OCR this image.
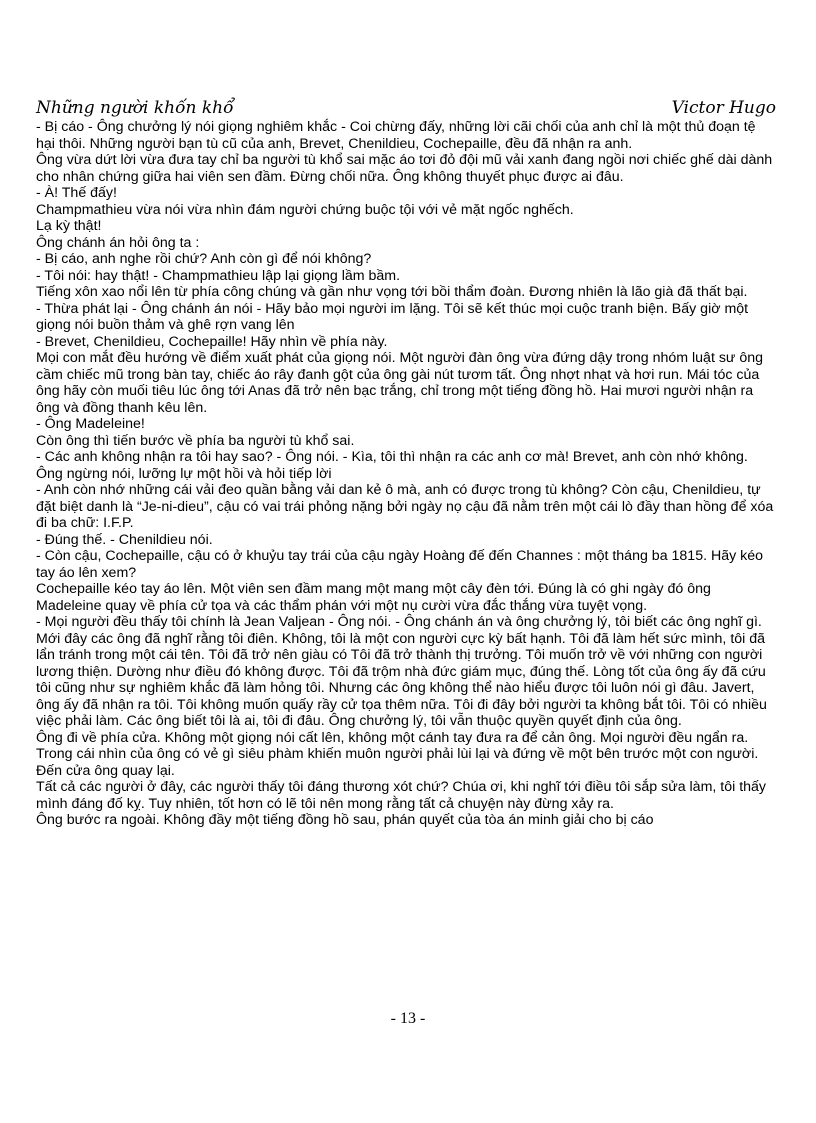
Những người khốn khổ	Victor Hugo

- Bị cáo - Ông chưởng lý nói giọng nghiêm khắc - Coi chừng đấy, những lời cãi chối của anh chỉ là một thủ đoạn tệ hại thôi. Những người bạn tù cũ của anh, Brevet, Chenildieu, Cochepaille, đều đã nhận ra anh.

Ông vừa dứt lời vừa đưa tay chỉ ba người tù khổ sai mặc áo tơi đỏ đội mũ vải xanh đang ngồi nơi chiếc ghế dài dành cho nhân chứng giữa hai viên sen đầm. Đừng chối nữa. Ông không thuyết phục được ai đâu.

- À! Thế đấy!

Champmathieu vừa nói vừa nhìn đám người chứng buộc tội với vẻ mặt ngốc nghếch.

Lạ kỳ thật!

Ông chánh án hỏi ông ta :

- Bị cáo, anh nghe rồi chứ? Anh còn gì để nói không?

- Tôi nói: hay thật! - Champmathieu lập lại giọng lầm bầm.

Tiếng xôn xao nổi lên từ phía công chúng và gần như vọng tới bồi thẩm đoàn. Đương nhiên là lão già đã thất bại.

- Thừa phát lại - Ông chánh án nói - Hãy bảo mọi người im lặng. Tôi sẽ kết thúc mọi cuộc tranh biện. Bấy giờ một giọng nói buồn thảm và ghê rợn vang lên

- Brevet, Chenildieu, Cochepaille! Hãy nhìn về phía này.

Mọi con mắt đều hướng về điểm xuất phát của giọng nói. Một người đàn ông vừa đứng dậy trong nhóm luật sư ông cầm chiếc mũ trong bàn tay, chiếc áo rây đanh gột của ông gài nút tươm tất. Ông nhợt nhạt và hơi run. Mái tóc của ông hãy còn muối tiêu lúc ông tới Anas đã trở nên bạc trắng, chỉ trong một tiếng đồng hồ. Hai mươi người nhận ra ông và đồng thanh kêu lên.

- Ông Madeleine!

Còn ông thì tiến bước về phía ba người tù khổ sai.

- Các anh không nhận ra tôi hay sao? - Ông nói. - Kìa, tôi thì nhận ra các anh cơ mà! Brevet, anh còn nhớ không.

Ông ngừng nói, lưỡng lự một hồi và hỏi tiếp lời

- Anh còn nhớ những cái vải đeo quần bằng vải dan kẻ ô mà, anh có được trong tù không? Còn cậu, Chenildieu, tự đặt biệt danh là “Je-ni-dieu”, cậu có vai trái phỏng nặng bởi ngày nọ cậu đã nằm trên một cái lò đầy than hồng để xóa đi ba chữ: I.F.P.

- Đúng thế. - Chenildieu nói.

- Còn cậu, Cochepaille, cậu có ở khuỷu tay trái của cậu ngày Hoàng đế đến Channes : một tháng ba 1815. Hãy kéo tay áo lên xem?

Cochepaille kéo tay áo lên. Một viên sen đầm mang một mang một cây đèn tới. Đúng là có ghi ngày đó ông Madeleine quay về phía cử tọa và các thẩm phán với một nụ cười vừa đắc thắng vừa tuyệt vọng.

- Mọi người đều thấy tôi chính là Jean Valjean - Ông nói. - Ông chánh án và ông chưởng lý, tôi biết các ông nghĩ gì. Mới đây các ông đã nghĩ rằng tôi điên. Không, tôi là một con người cực kỳ bất hạnh. Tôi đã làm hết sức mình, tôi đã lẩn tránh trong một cái tên. Tôi đã trở nên giàu có Tôi đã trở thành thị trưởng. Tôi muốn trở về với những con người lương thiện. Dường như điều đó không được. Tôi đã trộm nhà đức giám mục, đúng thế. Lòng tốt của ông ấy đã cứu tôi cũng như sự nghiêm khắc đã làm hỏng tôi. Nhưng các ông không thể nào hiểu được tôi luôn nói gì đâu. Javert, ông ấy đã nhận ra tôi. Tôi không muốn quấy rầy cử tọa thêm nữa. Tôi đi đây bởi người ta không bắt tôi. Tôi có nhiều việc phải làm. Các ông biết tôi là ai, tôi đi đâu. Ông chưởng lý, tôi vẫn thuộc quyền quyết định của ông.

Ông đi về phía cửa. Không một giọng nói cất lên, không một cánh tay đưa ra để cản ông. Mọi người đều ngẩn ra. Trong cái nhìn của ông có vẻ gì siêu phàm khiến muôn người phải lùi lại và đứng về một bên trước một con người. Đến cửa ông quay lại.

Tất cả các người ở đây, các người thấy tôi đáng thương xót chứ? Chúa ơi, khi nghĩ tới điều tôi sắp sửa làm, tôi thấy mình đáng đố kỵ. Tuy nhiên, tốt hơn có lẽ tôi nên mong rằng tất cả chuyện này đừng xảy ra.

Ông bước ra ngoài. Không đầy một tiếng đồng hồ sau, phán quyết của tòa án minh giải cho bị cáo

- 13 -
